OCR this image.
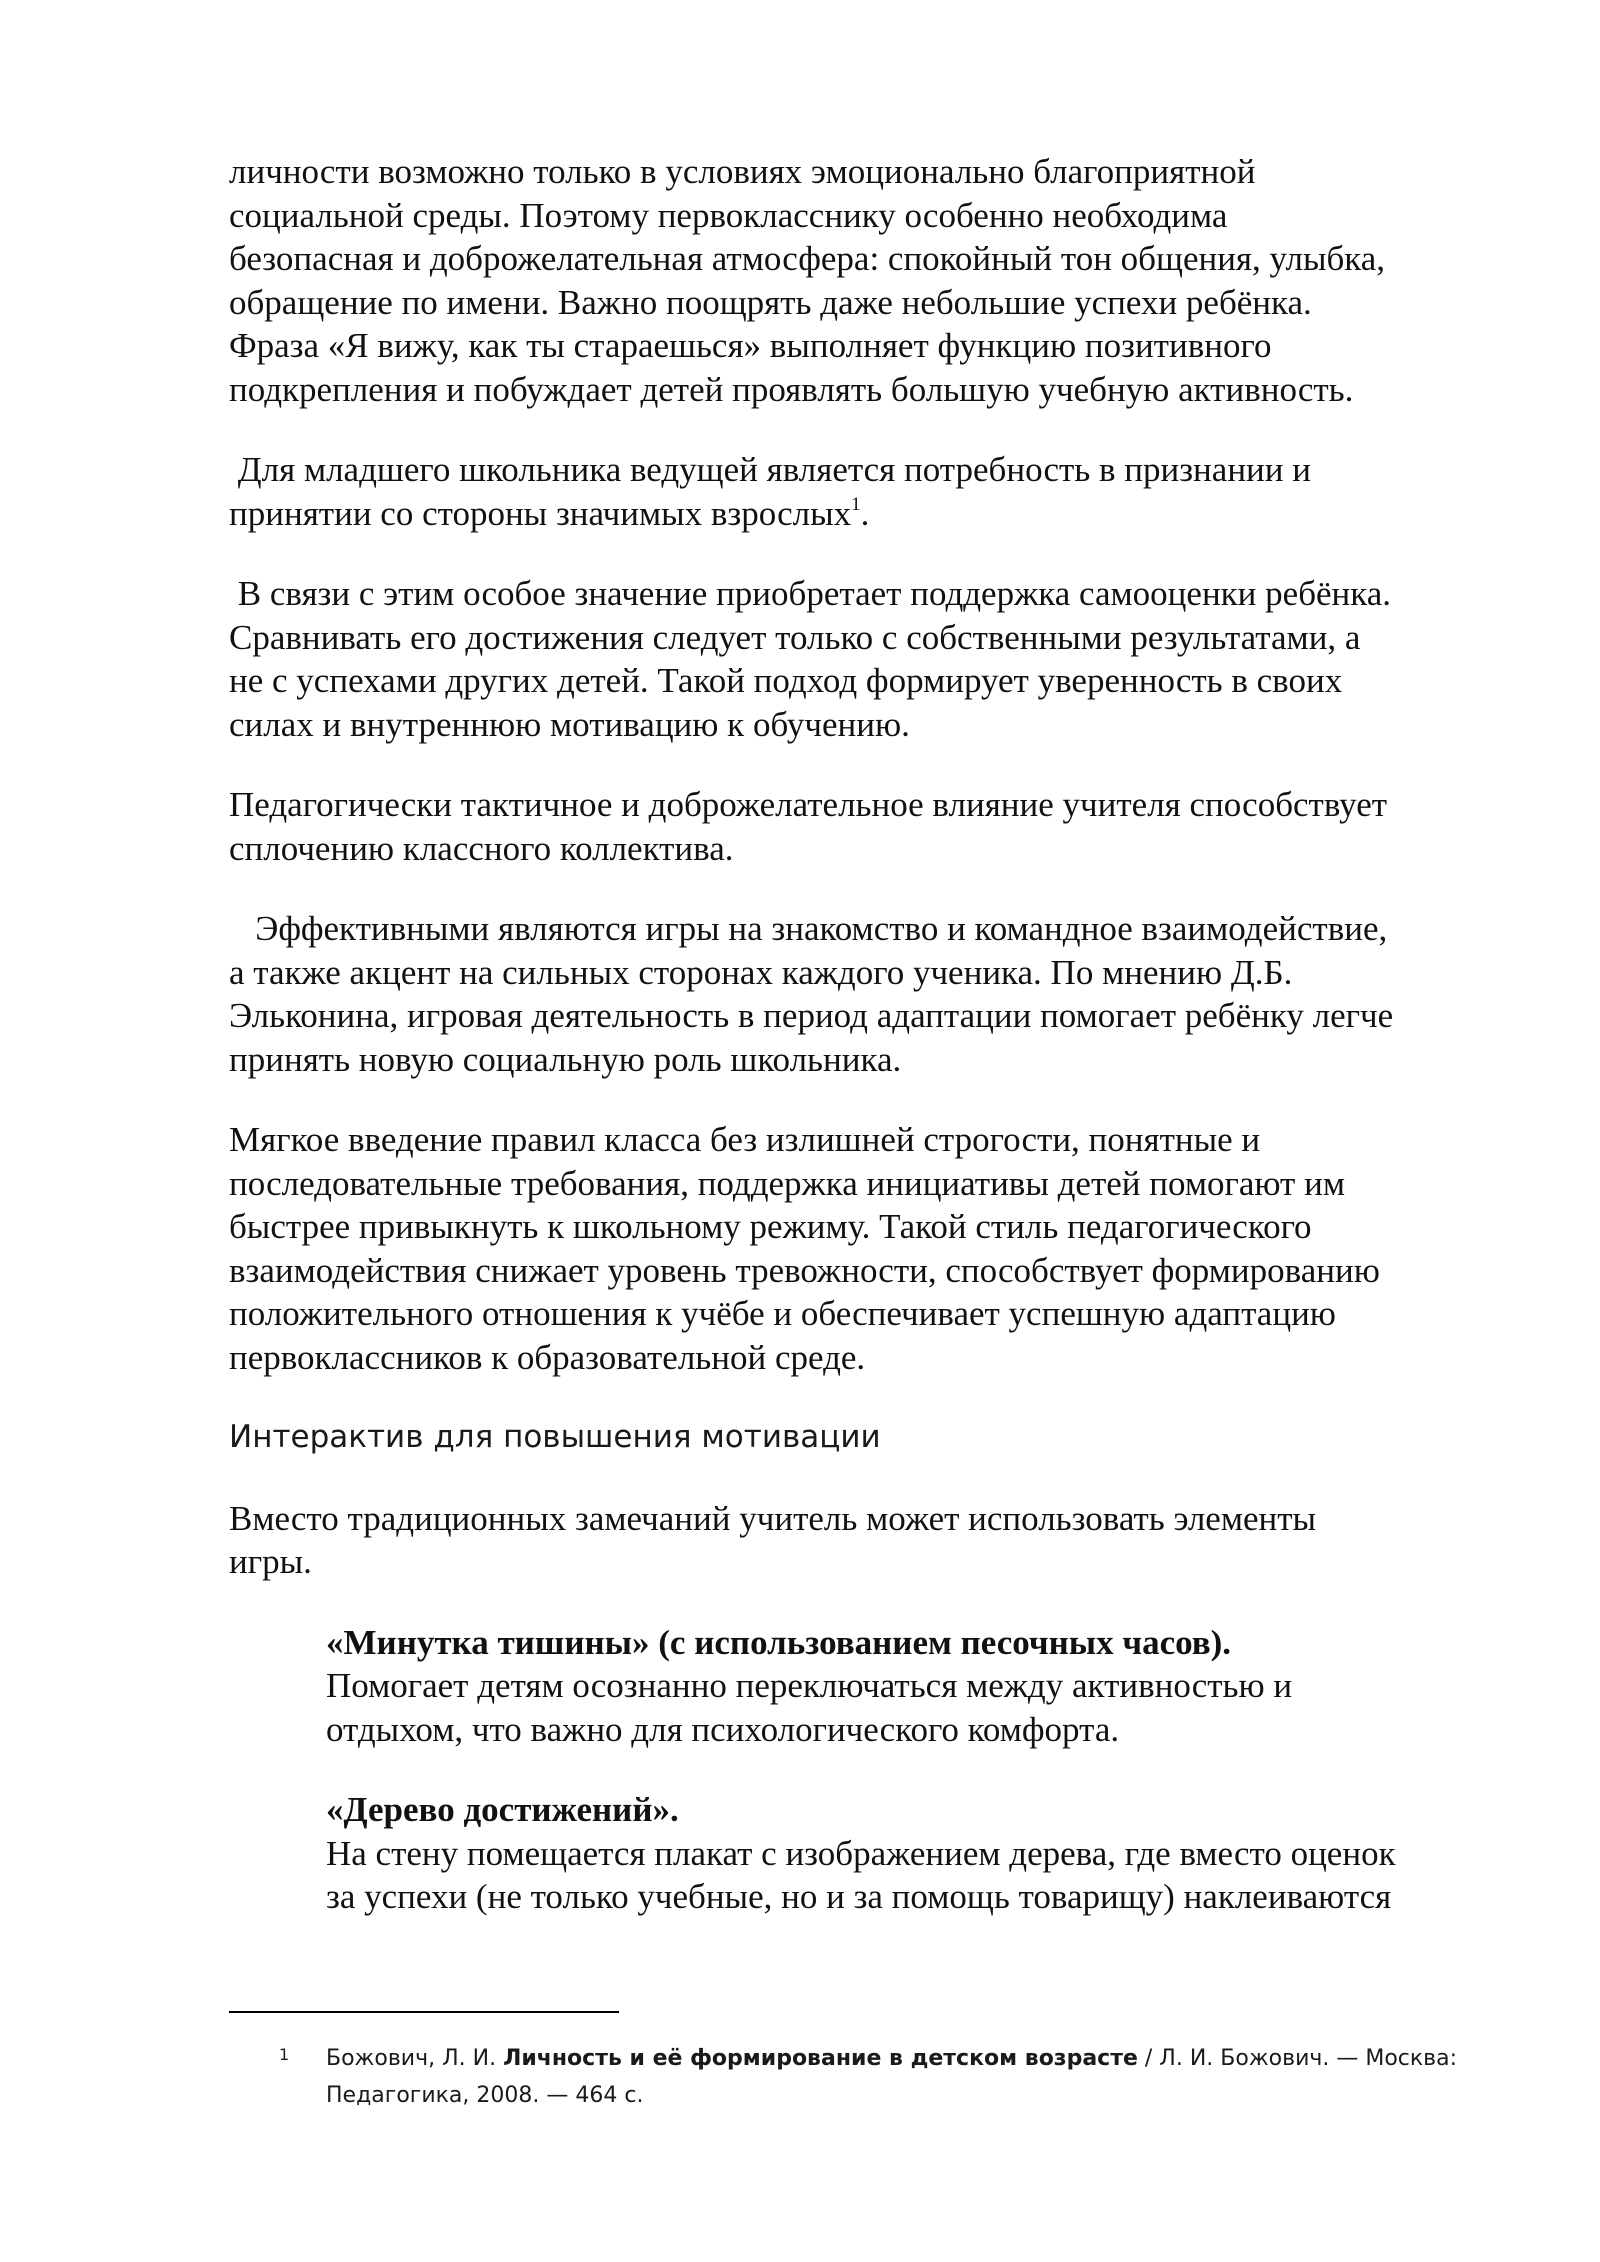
личности возможно только в условиях эмоционально благоприятной
социальной среды. Поэтому первокласснику особенно необходима
безопасная и доброжелательная атмосфера: спокойный тон общения, улыбка,
обращение по имени. Важно поощрять даже небольшие успехи ребёнка.
Фраза «Я вижу, как ты стараешься» выполняет функцию позитивного
подкрепления и побуждает детей проявлять большую учебную активность.

Для младшего школьника ведущей является потребность в признании и
принятии со стороны значимых взрослых$^1$.

В связи с этим особое значение приобретает поддержка самооценки ребёнка.
Сравнивать его достижения следует только с собственными результатами, а
не с успехами других детей. Такой подход формирует уверенность в своих
силах и внутреннюю мотивацию к обучению.

Педагогически тактичное и доброжелательное влияние учителя способствует
сплочению классного коллектива.

Эффективными являются игры на знакомство и командное взаимодействие,
а также акцент на сильных сторонах каждого ученика. По мнению Д.Б.
Эльконина, игровая деятельность в период адаптации помогает ребёнку легче
принять новую социальную роль школьника.

Мягкое введение правил класса без излишней строгости, понятные и
последовательные требования, поддержка инициативы детей помогают им
быстрее привыкнуть к школьному режиму. Такой стиль педагогического
взаимодействия снижает уровень тревожности, способствует формированию
положительного отношения к учёбе и обеспечивает успешную адаптацию
первоклассников к образовательной среде.

Интерактив для повышения мотивации

Вместо традиционных замечаний учитель может использовать элементы
игры.

«Минутка тишины» (с использованием песочных часов).
Помогает детям осознанно переключаться между активностью и
отдыхом, что важно для психологического комфорта.

«Дерево достижений».
На стену помещается плакат с изображением дерева, где вместо оценок
за успехи (не только учебные, но и за помощь товарищу) наклеиваются

1 Божович, Л. И. Личность и её формирование в детском возрасте / Л. И. Божович. — Москва:
Педагогика, 2008. — 464 с.
